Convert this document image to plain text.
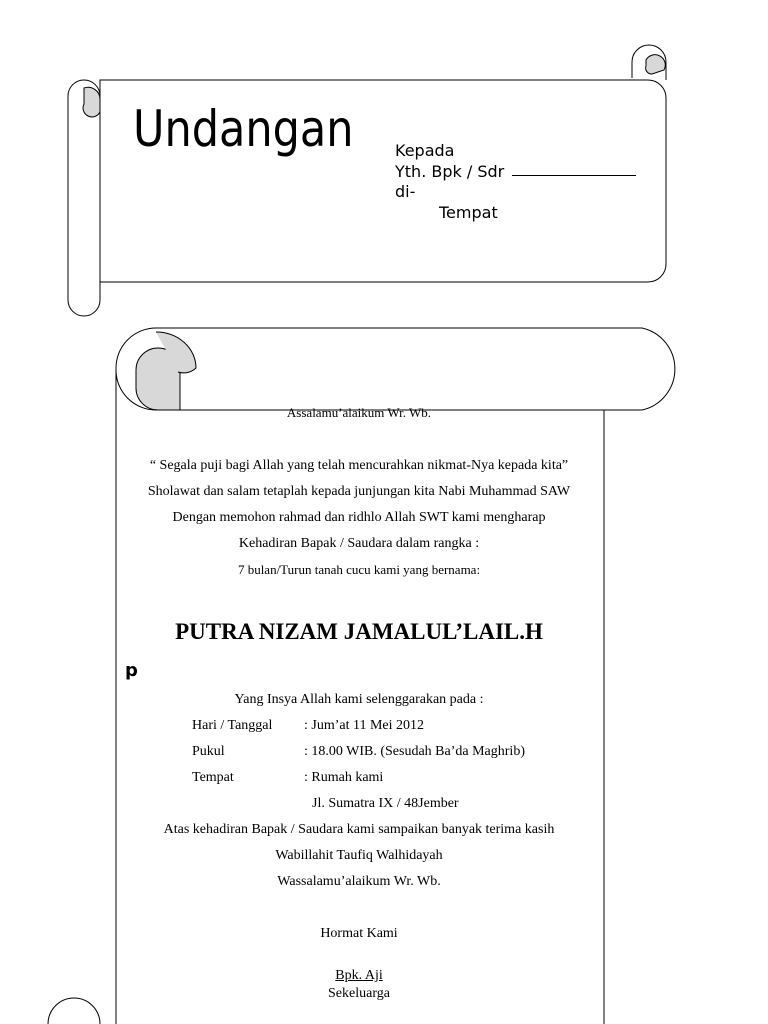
Undangan	Kepada
Yth. Bpk / Sdr
di-
Tempat
Assalamu’alaikum Wr. Wb.
“ Segala puji bagi Allah yang telah mencurahkan nikmat-Nya kepada kita”
Sholawat dan salam tetaplah kepada junjungan kita Nabi Muhammad SAW
Dengan memohon rahmad dan ridhlo Allah SWT kami mengharap
Kehadiran Bapak / Saudara dalam rangka :
7 bulan/Turun tanah cucu kami yang bernama:
PUTRA NIZAM JAMALUL’LAIL.H
p
Yang Insya Allah kami selenggarakan pada :
Hari / Tanggal : Jum’at 11 Mei 2012
Pukul	: 18.00 WIB. (Sesudah Ba’da Maghrib)
Tempat	: Rumah kami
Jl. Sumatra IX / 48Jember
Atas kehadiran Bapak / Saudara kami sampaikan banyak terima kasih
Wabillahit Taufiq Walhidayah
Wassalamu’alaikum Wr. Wb.
Hormat Kami
Bpk. Aji
Sekeluarga
